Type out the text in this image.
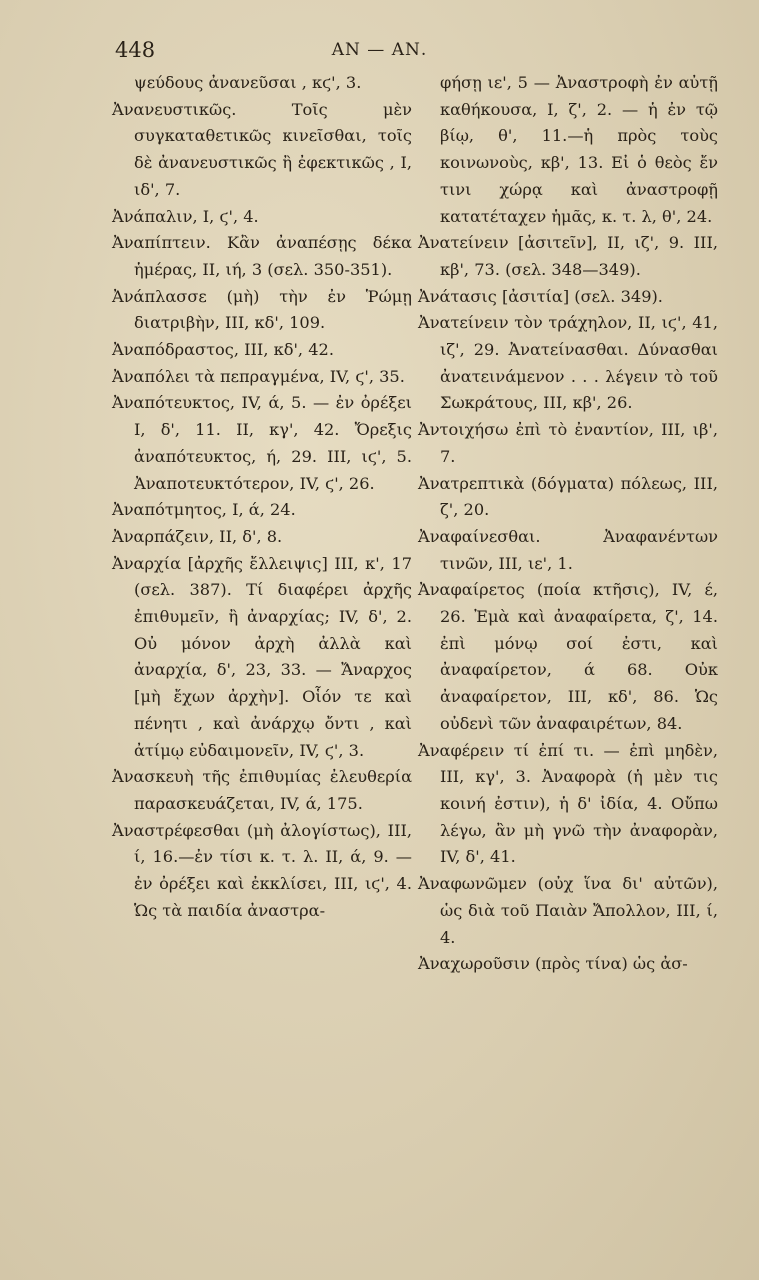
448	ΑΝ — ΑΝ.

ψεύδους ἀνανεῦσαι , κϛ', 3.

Ἀνανευστικῶς. Τοῖς μὲν συγκαταθετικῶς κινεῖσθαι, τοῖς δὲ ἀνανευστικῶς ἢ ἐφεκτικῶς , I, ιδ', 7.

Ἀνάπαλιν, I, ϛ', 4.

Ἀναπίπτειν. Κἂν ἀναπέσῃς δέκα ἡμέρας, II, ιή, 3 (σελ. 350-351).

Ἀνάπλασσε (μὴ) τὴν ἐν Ῥώμῃ διατριβὴν, III, κδ', 109.

Ἀναπόδραστος, III, κδ', 42.

Ἀναπόλει τὰ πεπραγμένα, IV, ϛ', 35.

Ἀναπότευκτος, IV, ά, 5. — ἐν ὀρέξει I, δ', 11. II, κγ', 42. Ὄρεξις ἀναπότευκτος, ή, 29. III, ιϛ', 5. Ἀναποτευκτότερον, IV, ϛ', 26.

Ἀναπότμητος, I, ά, 24.

Ἀναρπάζειν, II, δ', 8.

Ἀναρχία [ἀρχῆς ἔλλειψις] III, κ', 17 (σελ. 387). Τί διαφέρει ἀρχῆς ἐπιθυμεῖν, ἢ ἀναρχίας; IV, δ', 2. Οὐ μόνον ἀρχὴ ἀλλὰ καὶ ἀναρχία, δ', 23, 33. — Ἄναρχος [μὴ ἔχων ἀρχὴν]. Οἷόν τε καὶ πένητι , καὶ ἀνάρχῳ ὄντι , καὶ ἀτίμῳ εὐδαιμονεῖν, IV, ϛ', 3.

Ἀνασκευὴ τῆς ἐπιθυμίας ἐλευθερία παρασκευάζεται, IV, ά, 175.

Ἀναστρέφεσθαι (μὴ ἀλογίστως), III, ί, 16.—ἐν τίσι κ. τ. λ. II, ά, 9. — ἐν ὀρέξει καὶ ἐκκλίσει, III, ιϛ', 4. Ὡς τὰ παιδία ἀναστρα-

φήσῃ ιε', 5 — Ἀναστροφὴ ἐν αὐτῇ καθήκουσα, I, ζ', 2. — ἡ ἐν τῷ βίῳ, θ', 11.—ἡ πρὸς τοὺς κοινωνοὺς, κβ', 13. Εἰ ὁ θεὸς ἔν τινι χώρᾳ καὶ ἀναστροφῇ κατατέταχεν ἡμᾶς, κ. τ. λ, θ', 24.

Ἀνατείνειν [ἀσιτεῖν], II, ιζ', 9. III, κβ', 73. (σελ. 348—349).

Ἀνάτασις [ἀσιτία] (σελ. 349).

Ἀνατείνειν τὸν τράχηλον, II, ιϛ', 41, ιζ', 29. Ἀνατείνασθαι. Δύνασθαι ἀνατεινάμενον . . . λέγειν τὸ τοῦ Σωκράτους, III, κβ', 26.

Ἀντοιχήσω ἐπὶ τὸ ἐναντίον, III, ιβ', 7.

Ἀνατρεπτικὰ (δόγματα) πόλεως, III, ζ', 20.

Ἀναφαίνεσθαι. Ἀναφανέντων τινῶν, III, ιε', 1.

Ἀναφαίρετος (ποία κτῆσις), IV, έ, 26. Ἐμὰ καὶ ἀναφαίρετα, ζ', 14. ἐπὶ μόνῳ σοί ἐστι, καὶ ἀναφαίρετον, ά 68. Οὐκ ἀναφαίρετον, III, κδ', 86. Ὡς οὐδενὶ τῶν ἀναφαιρέτων, 84.

Ἀναφέρειν τί ἐπί τι. — ἐπὶ μηδὲν, III, κγ', 3. Ἀναφορὰ (ἡ μὲν τις κοινή ἐστιν), ἡ δ' ἰδία, 4. Οὔπω λέγω, ἂν μὴ γνῶ τὴν ἀναφορὰν, IV, δ', 41.

Ἀναφωνῶμεν (οὐχ ἵνα δι' αὐτῶν), ὡς διὰ τοῦ Παιὰν Ἄπολλον, III, ί, 4.

Ἀναχωροῦσιν (πρὸς τίνα) ὡς ἀσ-
